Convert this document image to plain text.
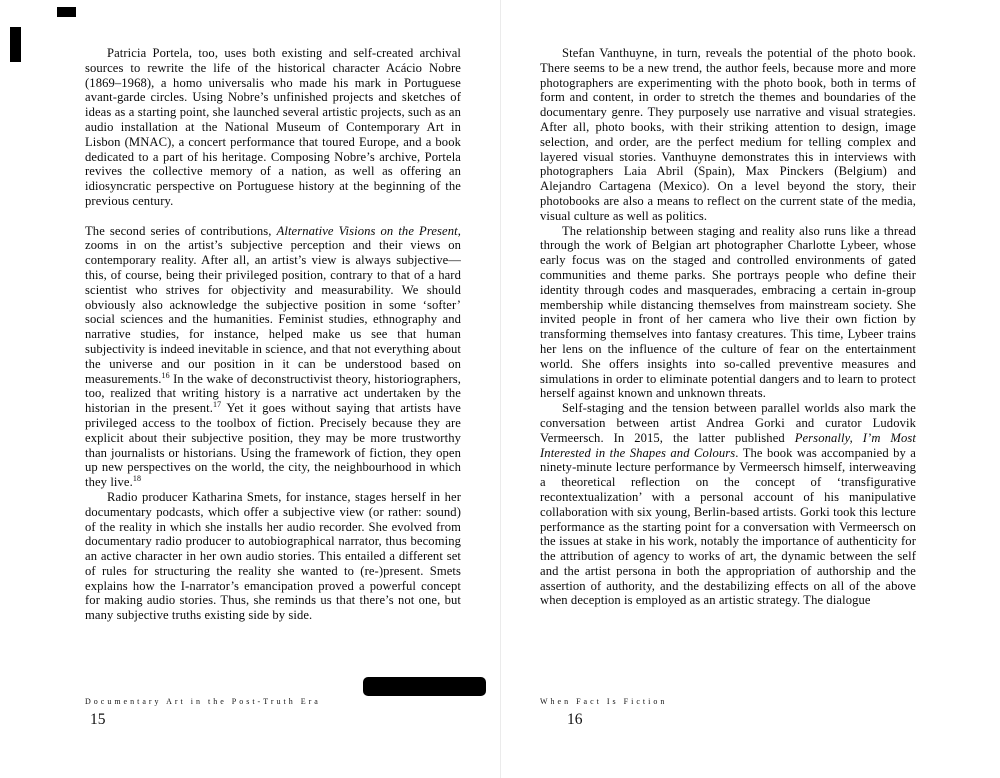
Patricia Portela, too, uses both existing and self-created archival sources to rewrite the life of the historical character Acácio Nobre (1869–1968), a homo universalis who made his mark in Portuguese avant-garde circles. Using Nobre’s unfinished projects and sketches of ideas as a starting point, she launched several artistic projects, such as an audio installation at the National Museum of Contemporary Art in Lisbon (MNAC), a concert performance that toured Europe, and a book dedicated to a part of his heritage. Composing Nobre’s archive, Portela revives the collective memory of a nation, as well as offering an idiosyncratic perspective on Portuguese history at the beginning of the previous century.

The second series of contributions, Alternative Visions on the Present, zooms in on the artist’s subjective perception and their views on contemporary reality. After all, an artist’s view is always subjective—this, of course, being their privileged position, contrary to that of a hard scientist who strives for objectivity and measurability. We should obviously also acknowledge the subjective position in some ‘softer’ social sciences and the humanities. Feminist studies, ethnography and narrative studies, for instance, helped make us see that human subjectivity is indeed inevitable in science, and that not everything about the universe and our position in it can be understood based on measurements.$^{16}$ In the wake of deconstructivist theory, historiographers, too, realized that writing history is a narrative act undertaken by the historian in the present.$^{17}$ Yet it goes without saying that artists have privileged access to the toolbox of fiction. Precisely because they are explicit about their subjective position, they may be more trustworthy than journalists or historians. Using the framework of fiction, they open up new perspectives on the world, the city, the neighbourhood in which they live.$^{18}$

Radio producer Katharina Smets, for instance, stages herself in her documentary podcasts, which offer a subjective view (or rather: sound) of the reality in which she installs her audio recorder. She evolved from documentary radio producer to autobiographical narrator, thus becoming an active character in her own audio stories. This entailed a different set of rules for structuring the reality she wanted to (re-)present. Smets explains how the I-narrator’s emancipation proved a powerful concept for making audio stories. Thus, she reminds us that there’s not one, but many subjective truths existing side by side.

Documentary Art in the Post-Truth Era
15

Stefan Vanthuyne, in turn, reveals the potential of the photo book. There seems to be a new trend, the author feels, because more and more photographers are experimenting with the photo book, both in terms of form and content, in order to stretch the themes and boundaries of the documentary genre. They purposely use narrative and visual strategies. After all, photo books, with their striking attention to design, image selection, and order, are the perfect medium for telling complex and layered visual stories. Vanthuyne demonstrates this in interviews with photographers Laia Abril (Spain), Max Pinckers (Belgium) and Alejandro Cartagena (Mexico). On a level beyond the story, their photobooks are also a means to reflect on the current state of the media, visual culture as well as politics.

The relationship between staging and reality also runs like a thread through the work of Belgian art photographer Charlotte Lybeer, whose early focus was on the staged and controlled environments of gated communities and theme parks. She portrays people who define their identity through codes and masquerades, embracing a certain in-group membership while distancing themselves from mainstream society. She invited people in front of her camera who live their own fiction by transforming themselves into fantasy creatures. This time, Lybeer trains her lens on the influence of the culture of fear on the entertainment world. She offers insights into so-called preventive measures and simulations in order to eliminate potential dangers and to learn to protect herself against known and unknown threats.

Self-staging and the tension between parallel worlds also mark the conversation between artist Andrea Gorki and curator Ludovik Vermeersch. In 2015, the latter published Personally, I’m Most Interested in the Shapes and Colours. The book was accompanied by a ninety-minute lecture performance by Vermeersch himself, interweaving a theoretical reflection on the concept of ‘transfigurative recontextualization’ with a personal account of his manipulative collaboration with six young, Berlin-based artists. Gorki took this lecture performance as the starting point for a conversation with Vermeersch on the issues at stake in his work, notably the importance of authenticity for the attribution of agency to works of art, the dynamic between the self and the artist persona in both the appropriation of authorship and the assertion of authority, and the destabilizing effects on all of the above when deception is employed as an artistic strategy. The dialogue

When Fact Is Fiction
16
